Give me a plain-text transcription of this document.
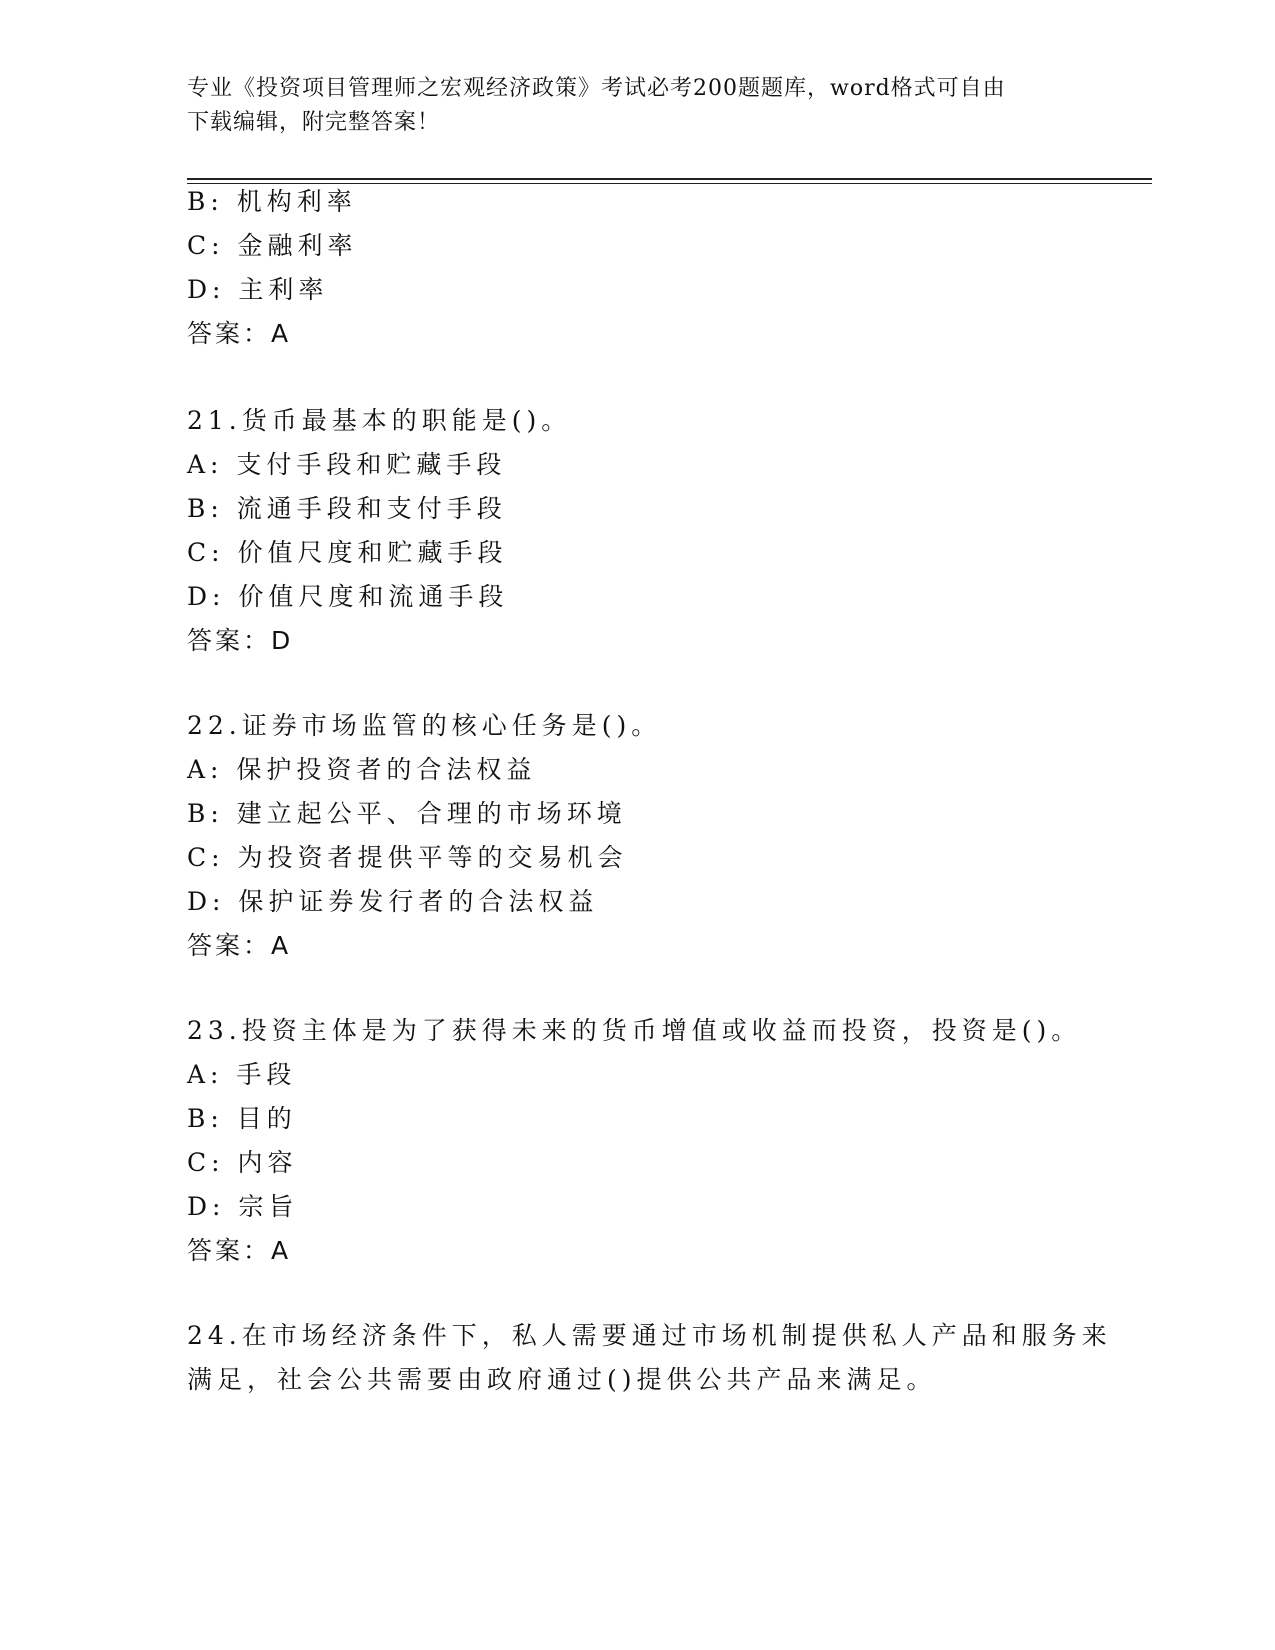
专业《投资项目管理师之宏观经济政策》考试必考200题题库，word格式可自由
下载编辑，附完整答案！
B: 机构利率
C: 金融利率
D: 主利率
答案：A
21.货币最基本的职能是()。
A: 支付手段和贮藏手段
B: 流通手段和支付手段
C: 价值尺度和贮藏手段
D: 价值尺度和流通手段
答案：D
22.证券市场监管的核心任务是()。
A: 保护投资者的合法权益
B: 建立起公平、合理的市场环境
C: 为投资者提供平等的交易机会
D: 保护证券发行者的合法权益
答案：A
23.投资主体是为了获得未来的货币增值或收益而投资，投资是()。
A: 手段
B: 目的
C: 内容
D: 宗旨
答案：A
24.在市场经济条件下，私人需要通过市场机制提供私人产品和服务来
满足，社会公共需要由政府通过()提供公共产品来满足。
